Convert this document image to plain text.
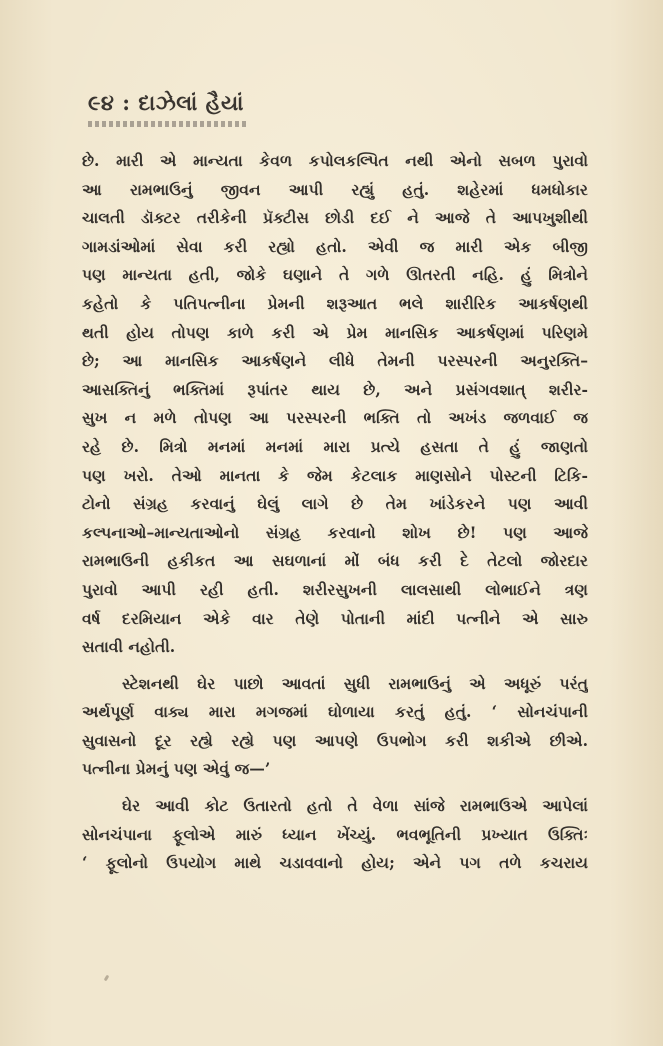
૯૪ : દાઝેલાં હૈયાં
છે. મારી એ માન્યતા કેવળ કપોલકલ્પિત નથી એનો સબળ પુરાવો
આ રામભાઉનું જીવન આપી રહ્યું હતું. શહેરમાં ધમધોકાર
ચાલતી ડૉક્ટર તરીકેની પ્રૅક્ટીસ છોડી દઈ ને આજે તે આપખુશીથી
ગામડાંઓમાં સેવા કરી રહ્યો હતો. એવી જ મારી એક બીજી
પણ માન્યતા હતી, જોકે ઘણાને તે ગળે ઊતરતી નહિ. હું મિત્રોને
કહેતો કે પતિપત્નીના પ્રેમની શરૂઆત ભલે શારીરિક આકર્ષણથી
થતી હોય તોપણ કાળે કરી એ પ્રેમ માનસિક આકર્ષણમાં પરિણમે
છે; આ માનસિક આકર્ષણને લીધે તેમની પરસ્પરની અનુરક્તિ–
આસક્તિનું ભક્તિમાં રૂપાંતર થાય છે, અને પ્રસંગવશાત્ શરીર-
સુખ ન મળે તોપણ આ પરસ્પરની ભક્તિ તો અખંડ જળવાઈ જ
રહે છે. મિત્રો મનમાં મનમાં મારા પ્રત્યે હસતા તે હું જાણતો
પણ ખરો. તેઓ માનતા કે જેમ કેટલાક માણસોને પોસ્ટની ટિકિ-
ટોનો સંગ્રહ કરવાનું ઘેલું લાગે છે તેમ ખાંડેકરને પણ આવી
કલ્પનાઓ–માન્યતાઓનો સંગ્રહ કરવાનો શોખ છે! પણ આજે
રામભાઉની હકીકત આ સઘળાનાં મોં બંધ કરી દે તેટલો જોરદાર
પુરાવો આપી રહી હતી. શરીરસુખની લાલસાથી લોભાઈને ત્રણ
વર્ષ દરમિયાન એકે વાર તેણે પોતાની માંદી પત્નીને એ સારુ
સતાવી નહોતી.
સ્ટેશનથી ઘેર પાછો આવતાં સુધી રામભાઉનું એ અધૂરું પરંતુ
અર્થપૂર્ણ વાક્ય મારા મગજમાં ઘોળાયા કરતું હતું. ‘ સોનચંપાની
સુવાસનો દૂર રહ્યે રહ્યે પણ આપણે ઉપભોગ કરી શકીએ છીએ.
પત્નીના પ્રેમનું પણ એવું જ—’
ઘેર આવી કોટ ઉતારતો હતો તે વેળા સાંજે રામભાઉએ આપેલાં
સોનચંપાના ફૂલોએ મારું ધ્યાન ખેંચ્યું. ભવભૂતિની પ્રખ્યાત ઉક્તિઃ
‘ ફૂલોનો ઉપયોગ માથે ચડાવવાનો હોય; એને પગ તળે કચરાય
